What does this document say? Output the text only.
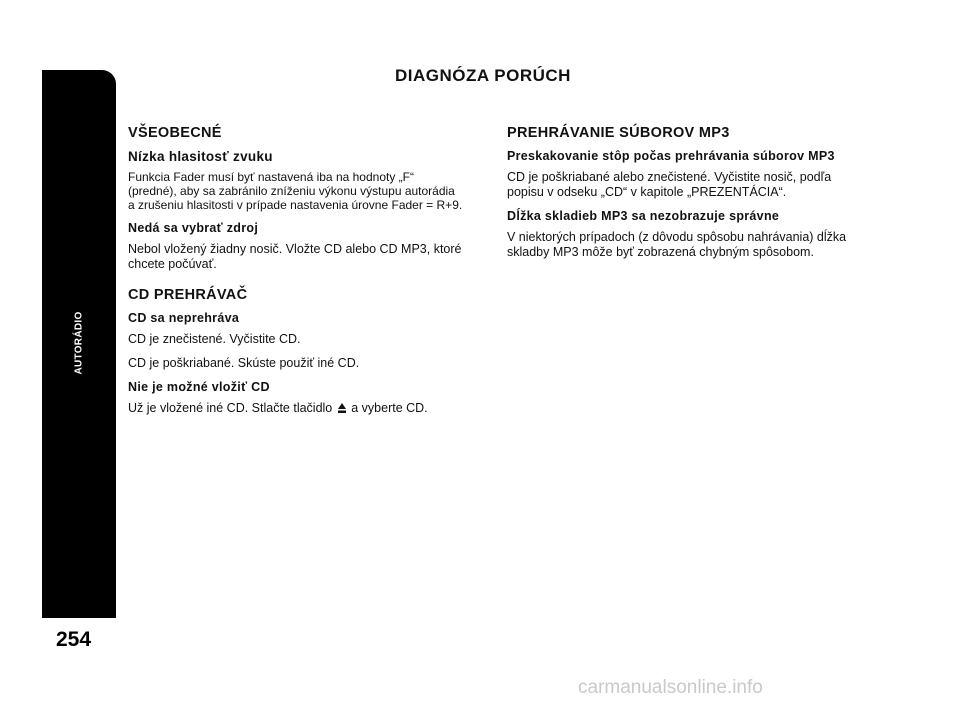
AUTORÁDIO
254
DIAGNÓZA PORÚCH
VŠEOBECNÉ
Nízka hlasitosť zvuku
Funkcia Fader musí byť nastavená iba na hodnoty „F“
(predné), aby sa zabránilo zníženiu výkonu výstupu autorádia
a zrušeniu hlasitosti v prípade nastavenia úrovne Fader = R+9.
Nedá sa vybrať zdroj
Nebol vložený žiadny nosič. Vložte CD alebo CD MP3, ktoré
chcete počúvať.
CD PREHRÁVAČ
CD sa neprehráva
CD je znečistené. Vyčistite CD.
CD je poškriabané. Skúste použiť iné CD.
Nie je možné vložiť CD
Už je vložené iné CD. Stlačte tlačidlo a vyberte CD.
PREHRÁVANIE SÚBOROV MP3
Preskakovanie stôp počas prehrávania súborov MP3
CD je poškriabané alebo znečistené. Vyčistite nosič, podľa
popisu v odseku „CD“ v kapitole „PREZENTÁCIA“.
Dĺžka skladieb MP3 sa nezobrazuje správne
V niektorých prípadoch (z dôvodu spôsobu nahrávania) dĺžka
skladby MP3 môže byť zobrazená chybným spôsobom.
carmanualsonline.info
